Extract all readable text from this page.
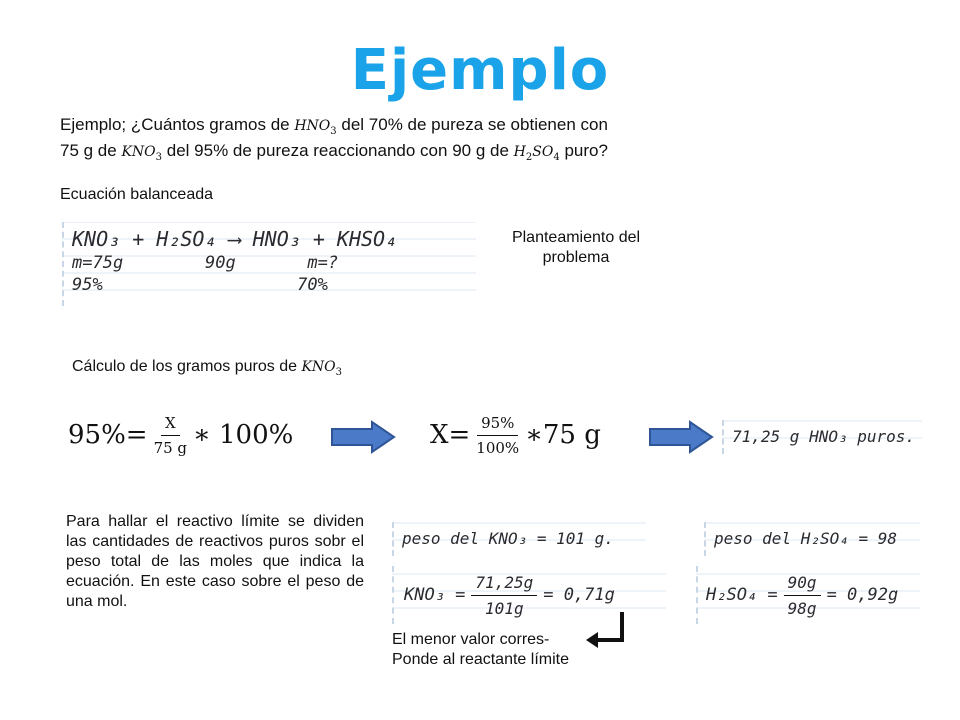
Ejemplo
Ejemplo; ¿Cuántos gramos de $HNO_3$ del 70% de pureza se obtienen con
75 g de $KNO_3$ del 95% de pureza reaccionando con 90 g de $H_2SO_4$ puro?
Ecuación balanceada
KNO₃ + H₂SO₄ ⟶ HNO₃ + KHSO₄
m=75g        90g       m=?
95%                   70%
Planteamiento del
problema
Cálculo de los gramos puros de $KNO_3$
$95\%= \frac{X}{75 g}$ ∗ 100%	$X= \frac{95\%}{100\%}$ ∗75 g	71,25 g HNO₃ puros.
Para hallar el reactivo límite se dividen las cantidades de reactivos puros sobr el peso total de las moles que indica la ecuación. En este caso sobre el peso de una mol.
peso del KNO₃ = 101 g.	peso del H₂SO₄ = 98
$KNO_3 = \frac{71,25g}{101g} = 0,71g$	$H_2SO_4 = \frac{90g}{98g} = 0,92g$
El menor valor corres-
Ponde al reactante límite
